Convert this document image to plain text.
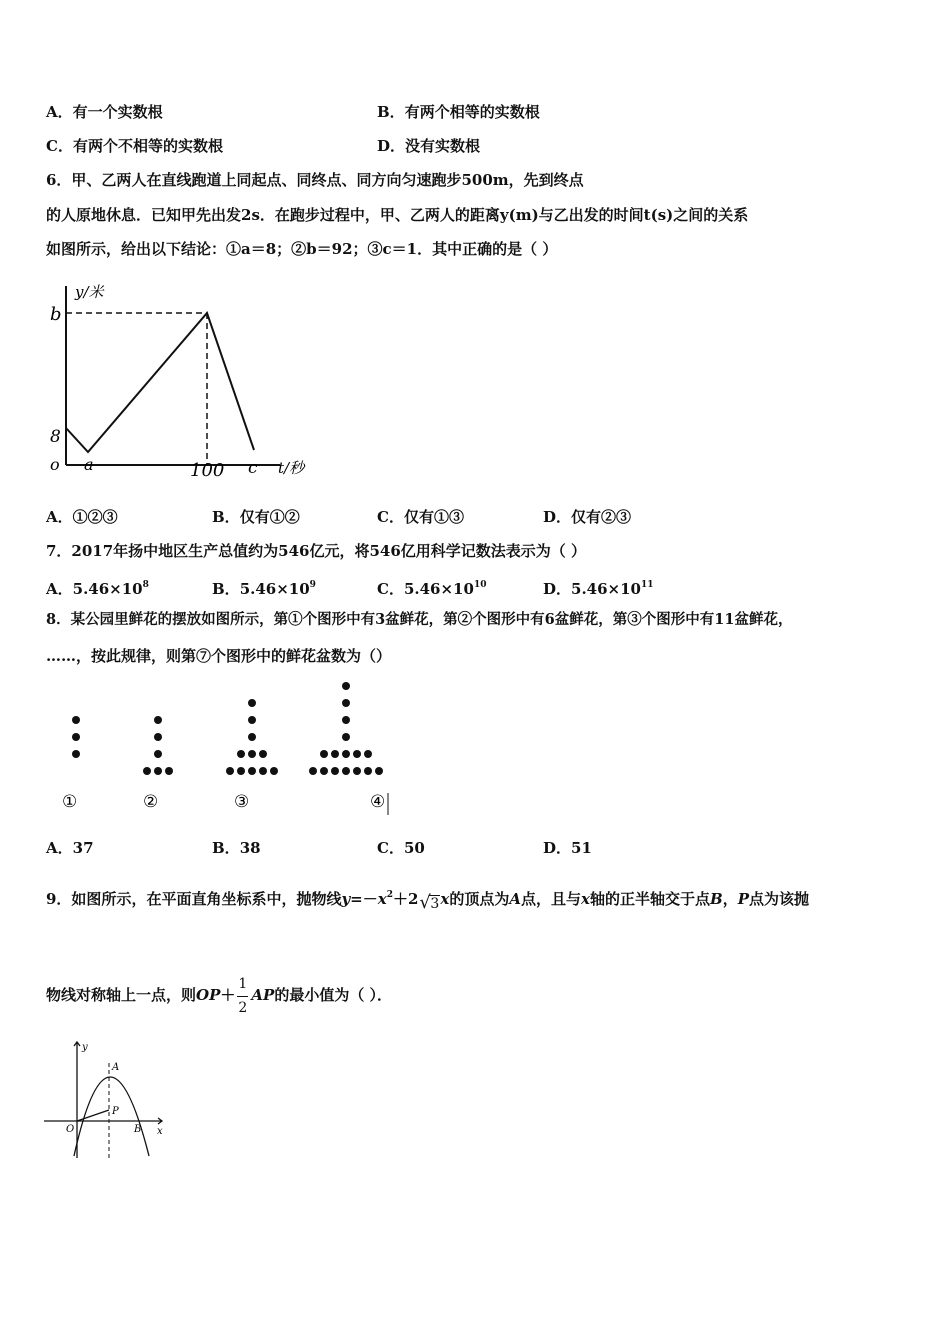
A．有一个实数根	B．有两个相等的实数根
C．有两个不相等的实数根	D．没有实数根
6．甲、乙两人在直线跑道上同起点、同终点、同方向匀速跑步500m，先到终点
的人原地休息．已知甲先出发2s．在跑步过程中，甲、乙两人的距离y(m)与乙出发的时间t(s)之间的关系
如图所示，给出以下结论：①a＝8；②b＝92；③c＝1．其中正确的是（ ）
y/米
b
8
o a	100 c t/秒
A．①②③	B．仅有①②	C．仅有①③	D．仅有②③
7．2017年扬中地区生产总值约为546亿元，将546亿用科学记数法表示为（ ）
A．$5.46\times 10^8$	B．$5.46\times 10^9$	C．$5.46\times 10^{10}$	D．$5.46\times 10^{11}$
8．某公园里鲜花的摆放如图所示，第①个图形中有3盆鲜花，第②个图形中有6盆鲜花，第③个图形中有11盆鲜花，
……，按此规律，则第⑦个图形中的鲜花盆数为（）
①	②	③	④
A．37	B．38	C．50	D．51
9．如图所示，在平面直角坐标系中，抛物线$y=-x^2+2$ √ 3 x的顶点为A点，且与x轴的正半轴交于点B，P点为该抛
物线对称轴上一点，则OP＋
$\frac{1}{2}$
AP的最小值为（ ）．
y
x
O
A
P
B
